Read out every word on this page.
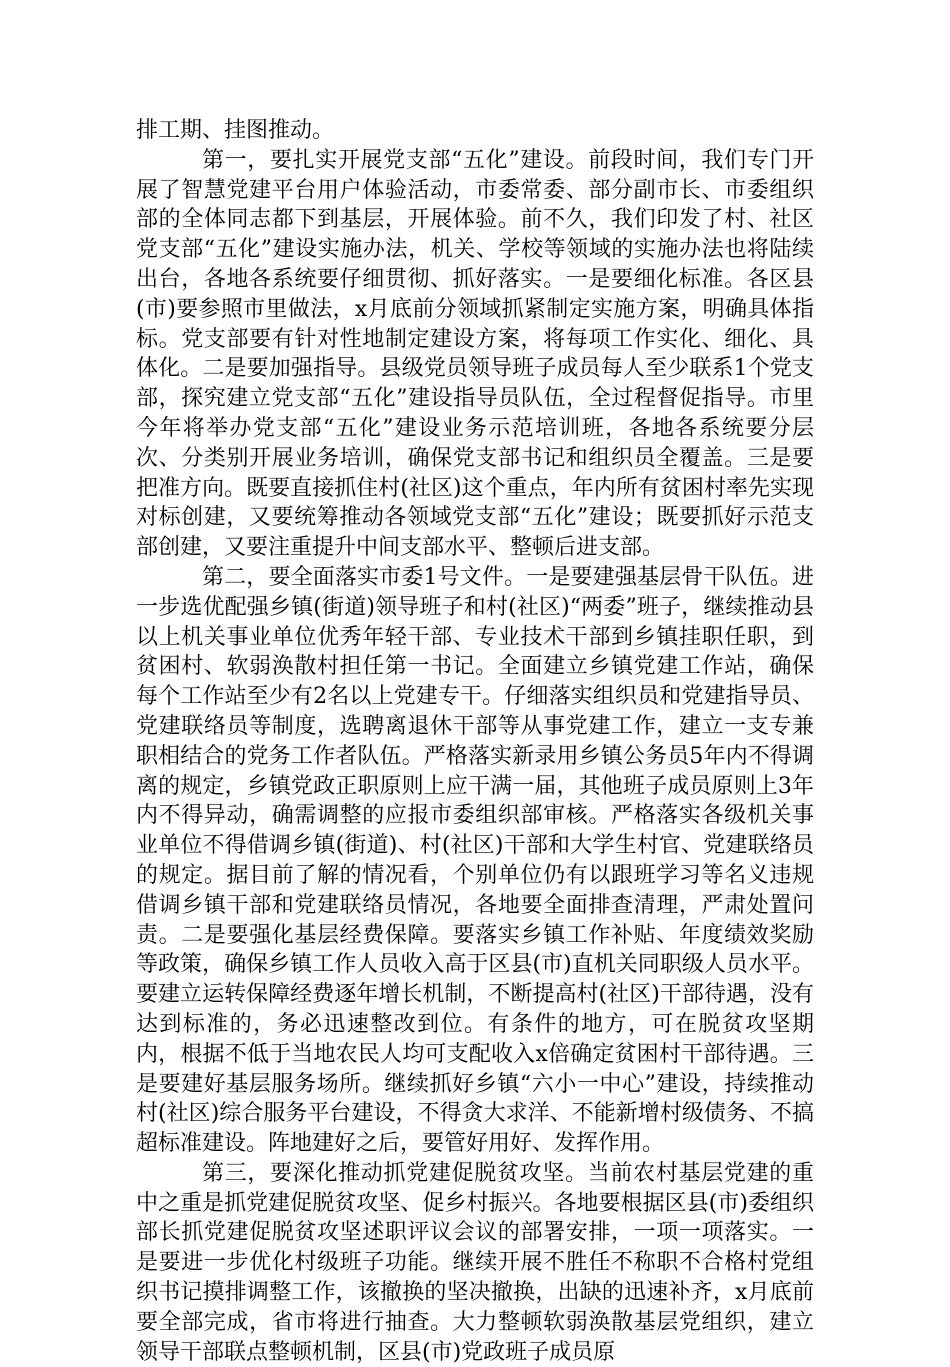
排工期、挂图推动。

第一，要扎实开展党支部“五化”建设。前段时间，我们专门开展了智慧党建平台用户体验活动，市委常委、部分副市长、市委组织部的全体同志都下到基层，开展体验。前不久，我们印发了村、社区党支部“五化”建设实施办法，机关、学校等领域的实施办法也将陆续出台，各地各系统要仔细贯彻、抓好落实。一是要细化标准。各区县(市)要参照市里做法，x月底前分领域抓紧制定实施方案，明确具体指标。党支部要有针对性地制定建设方案，将每项工作实化、细化、具体化。二是要加强指导。县级党员领导班子成员每人至少联系1个党支部，探究建立党支部“五化”建设指导员队伍，全过程督促指导。市里今年将举办党支部“五化”建设业务示范培训班，各地各系统要分层次、分类别开展业务培训，确保党支部书记和组织员全覆盖。三是要把准方向。既要直接抓住村(社区)这个重点，年内所有贫困村率先实现对标创建，又要统筹推动各领域党支部“五化”建设；既要抓好示范支部创建，又要注重提升中间支部水平、整顿后进支部。

第二，要全面落实市委1号文件。一是要建强基层骨干队伍。进一步选优配强乡镇(街道)领导班子和村(社区)“两委”班子，继续推动县以上机关事业单位优秀年轻干部、专业技术干部到乡镇挂职任职，到贫困村、软弱涣散村担任第一书记。全面建立乡镇党建工作站，确保每个工作站至少有2名以上党建专干。仔细落实组织员和党建指导员、党建联络员等制度，选聘离退休干部等从事党建工作，建立一支专兼职相结合的党务工作者队伍。严格落实新录用乡镇公务员5年内不得调离的规定，乡镇党政正职原则上应干满一届，其他班子成员原则上3年内不得异动，确需调整的应报市委组织部审核。严格落实各级机关事业单位不得借调乡镇(街道)、村(社区)干部和大学生村官、党建联络员的规定。据目前了解的情况看，个别单位仍有以跟班学习等名义违规借调乡镇干部和党建联络员情况，各地要全面排查清理，严肃处置问责。二是要强化基层经费保障。要落实乡镇工作补贴、年度绩效奖励等政策，确保乡镇工作人员收入高于区县(市)直机关同职级人员水平。要建立运转保障经费逐年增长机制，不断提高村(社区)干部待遇，没有达到标准的，务必迅速整改到位。有条件的地方，可在脱贫攻坚期内，根据不低于当地农民人均可支配收入x倍确定贫困村干部待遇。三是要建好基层服务场所。继续抓好乡镇“六小一中心”建设，持续推动村(社区)综合服务平台建设，不得贪大求洋、不能新增村级债务、不搞超标准建设。阵地建好之后，要管好用好、发挥作用。

第三，要深化推动抓党建促脱贫攻坚。当前农村基层党建的重中之重是抓党建促脱贫攻坚、促乡村振兴。各地要根据区县(市)委组织部长抓党建促脱贫攻坚述职评议会议的部署安排，一项一项落实。一是要进一步优化村级班子功能。继续开展不胜任不称职不合格村党组织书记摸排调整工作，该撤换的坚决撤换，出缺的迅速补齐，x月底前要全部完成，省市将进行抽查。大力整顿软弱涣散基层党组织，建立领导干部联点整顿机制，区县(市)党政班子成员原
